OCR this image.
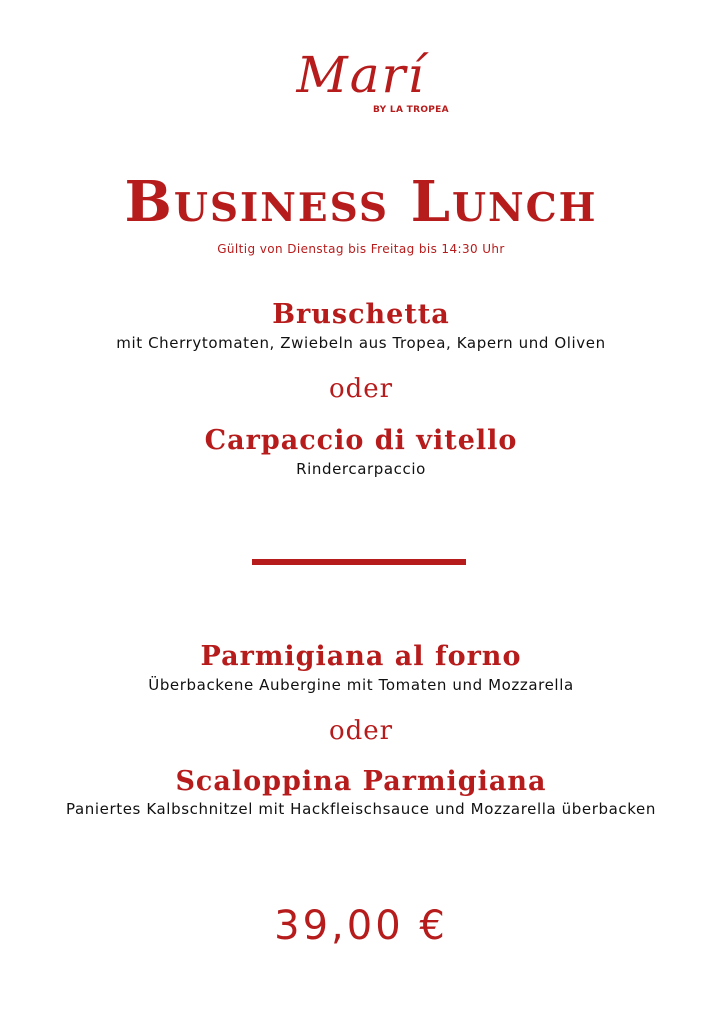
Marí
BY LA TROPEA
Business Lunch
Gültig von Dienstag bis Freitag bis 14:30 Uhr
Bruschetta
mit Cherrytomaten, Zwiebeln aus Tropea, Kapern und Oliven
oder
Carpaccio di vitello
Rindercarpaccio
Parmigiana al forno
Überbackene Aubergine mit Tomaten und Mozzarella
oder
Scaloppina Parmigiana
Paniertes Kalbschnitzel mit Hackfleischsauce und Mozzarella überbacken
39,00 €
